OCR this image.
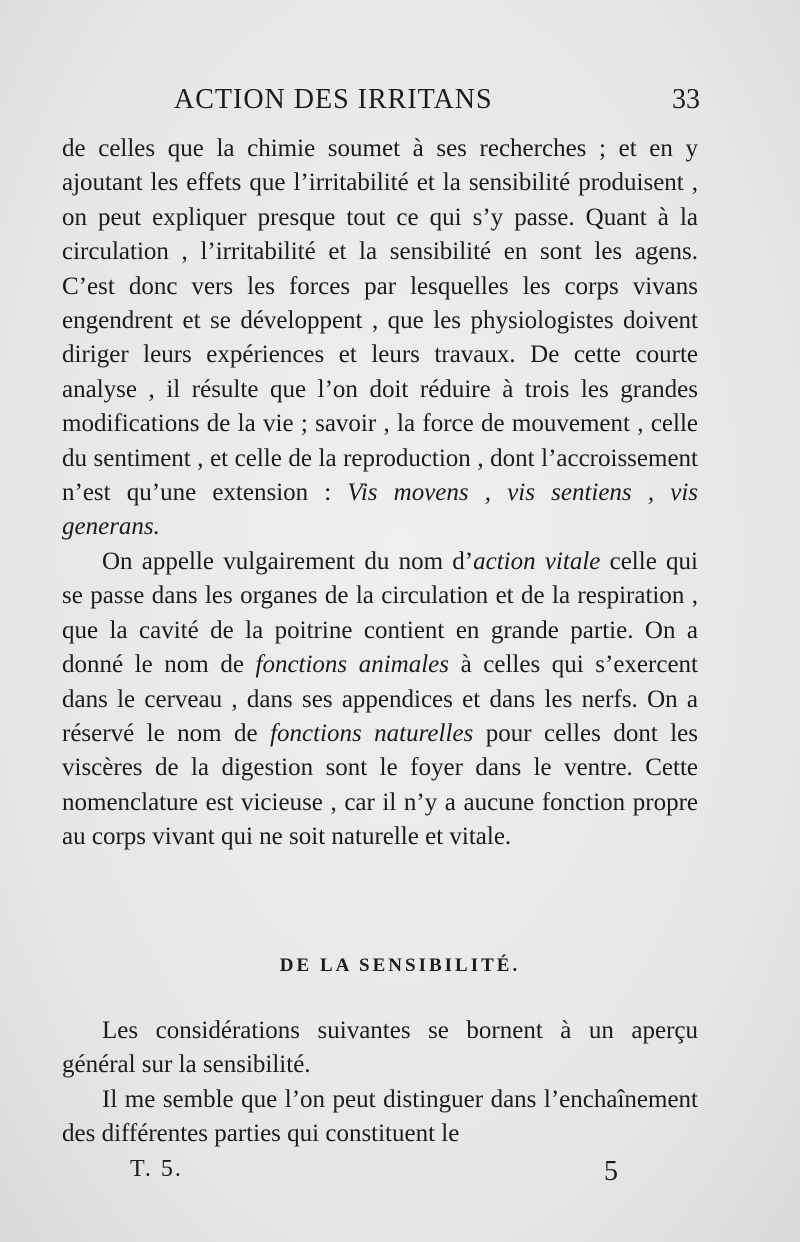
ACTION DES IRRITANS	33

de celles que la chimie soumet à ses recherches ; et en y ajoutant les effets que l’irritabilité et la sensibilité produisent , on peut expliquer presque tout ce qui s’y passe. Quant à la circulation , l’irritabilité et la sensibilité en sont les agens. C’est donc vers les forces par lesquelles les corps vivans engendrent et se développent , que les physiologistes doivent diriger leurs expériences et leurs travaux. De cette courte analyse , il résulte que l’on doit réduire à trois les grandes modifications de la vie ; savoir , la force de mouvement , celle du sentiment , et celle de la reproduction , dont l’accroissement n’est qu’une extension : Vis movens , vis sentiens , vis generans.

On appelle vulgairement du nom d’action vitale celle qui se passe dans les organes de la circulation et de la respiration , que la cavité de la poitrine contient en grande partie. On a donné le nom de fonctions animales à celles qui s’exercent dans le cerveau , dans ses appendices et dans les nerfs. On a réservé le nom de fonctions naturelles pour celles dont les viscères de la digestion sont le foyer dans le ventre. Cette nomenclature est vicieuse , car il n’y a aucune fonction propre au corps vivant qui ne soit naturelle et vitale.

DE LA SENSIBILITÉ.

Les considérations suivantes se bornent à un aperçu général sur la sensibilité.

Il me semble que l’on peut distinguer dans l’enchaînement des différentes parties qui constituent le

T. 5.	5
